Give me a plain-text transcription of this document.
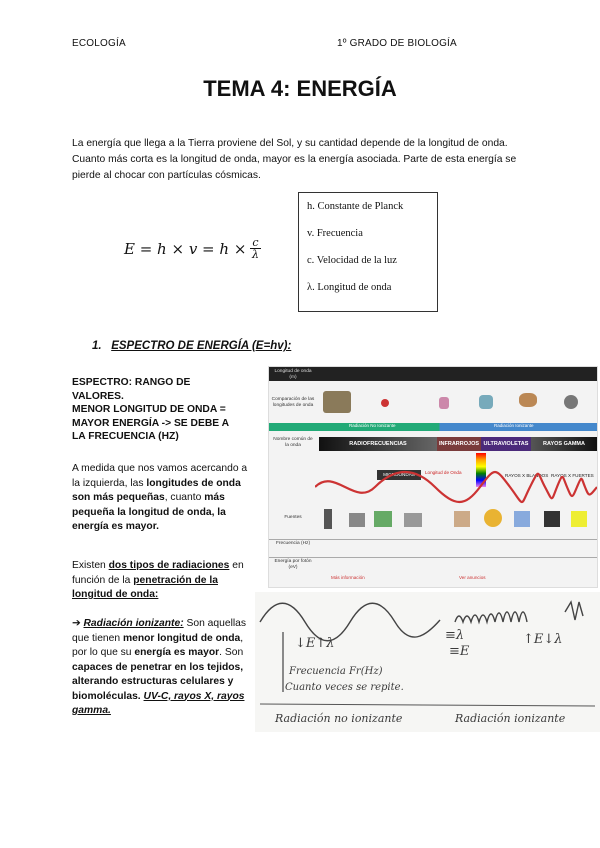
ECOLOGÍA	1º GRADO DE BIOLOGÍA
TEMA 4: ENERGÍA
La energía que llega a la Tierra proviene del Sol, y su cantidad depende de la longitud de onda. Cuanto más corta es la longitud de onda, mayor es la energía asociada. Parte de esta energía se pierde al chocar con partículas cósmicas.
$E = h \times v = h \times \frac{c}{\lambda}$
h. Constante de Planck
v. Frecuencia
c. Velocidad de la luz
λ. Longitud de onda
1. ESPECTRO DE ENERGÍA (E=hv):
ESPECTRO: RANGO DE
VALORES.
MENOR LONGITUD DE ONDA =
MAYOR ENERGÍA -> SE DEBE A
LA FRECUENCIA (HZ)
A medida que nos vamos acercando a la izquierda, las longitudes de onda son más pequeñas, cuanto más pequeña la longitud de onda, la energía es mayor.
Existen dos tipos de radiaciones en función de la penetración de la longitud de onda:
➔ Radiación ionizante: Son aquellas que tienen menor longitud de onda, por lo que su energía es mayor. Son capaces de penetrar en los tejidos, alterando estructuras celulares y biomoléculas. UV-C, rayos X, rayos gamma.
Longitud de onda (m)
Comparación de las longitudes de onda
Radiación No Ionizante	Radiación Ionizante
Nombre común de la onda	RADIOFRECUENCIAS	INFRARROJOS ULTRAVIOLETAS	RAYOS GAMMA
MICROONDAS	Longitud de Onda
RAYOS X BLANDOS RAYOS X FUERTES
Fuentes
Frecuencia (Hz)
Energía por fotón (eV)
Más información	Ver anuncios
↓E↑λ
≡λ
≡E
↑E↓λ
Frecuencia Fr(Hz)
Cuanto veces se repite.
Radiación no ionizante	Radiación ionizante
